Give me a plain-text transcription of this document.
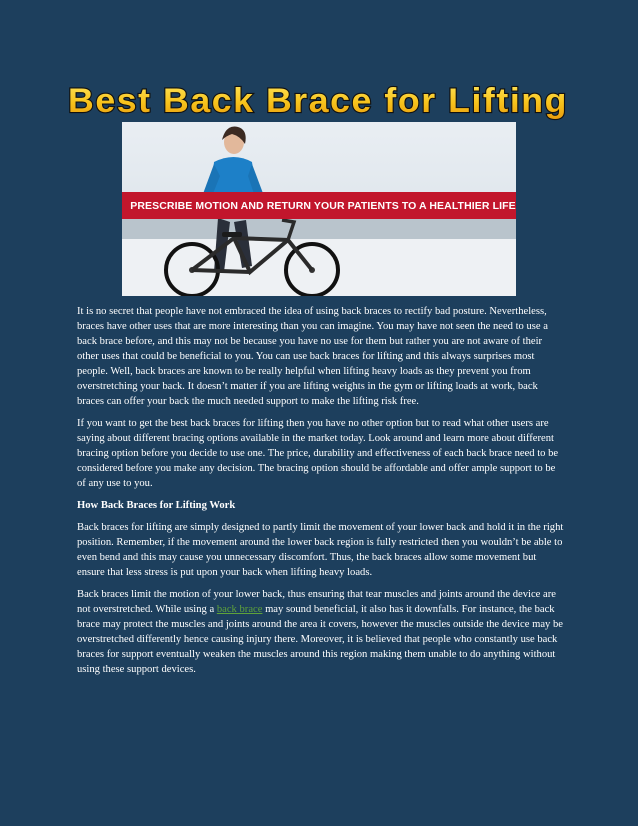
Best Back Brace for Lifting
PRESCRIBE MOTION AND RETURN YOUR PATIENTS TO A HEALTHIER LIFE

It is no secret that people have not embraced the idea of using back braces to rectify bad posture. Nevertheless, braces have other uses that are more interesting than you can imagine. You may have not seen the need to use a back brace before, and this may not be because you have no use for them but rather you are not aware of their other uses that could be beneficial to you. You can use back braces for lifting and this always surprises most people. Well, back braces are known to be really helpful when lifting heavy loads as they prevent you from overstretching your back. It doesn’t matter if you are lifting weights in the gym or lifting loads at work, back braces can offer your back the much needed support to make the lifting risk free.

If you want to get the best back braces for lifting then you have no other option but to read what other users are saying about different bracing options available in the market today. Look around and learn more about different bracing option before you decide to use one. The price, durability and effectiveness of each back brace need to be considered before you make any decision. The bracing option should be affordable and offer ample support to be of any use to you.

How Back Braces for Lifting Work

Back braces for lifting are simply designed to partly limit the movement of your lower back and hold it in the right position. Remember, if the movement around the lower back region is fully restricted then you wouldn’t be able to even bend and this may cause you unnecessary discomfort. Thus, the back braces allow some movement but ensure that less stress is put upon your back when lifting heavy loads.

Back braces limit the motion of your lower back, thus ensuring that tear muscles and joints around the device are not overstretched. While using a back brace may sound beneficial, it also has it downfalls. For instance, the back brace may protect the muscles and joints around the area it covers, however the muscles outside the device may be overstretched differently hence causing injury there. Moreover, it is believed that people who constantly use back braces for support eventually weaken the muscles around this region making them unable to do anything without using these support devices.
